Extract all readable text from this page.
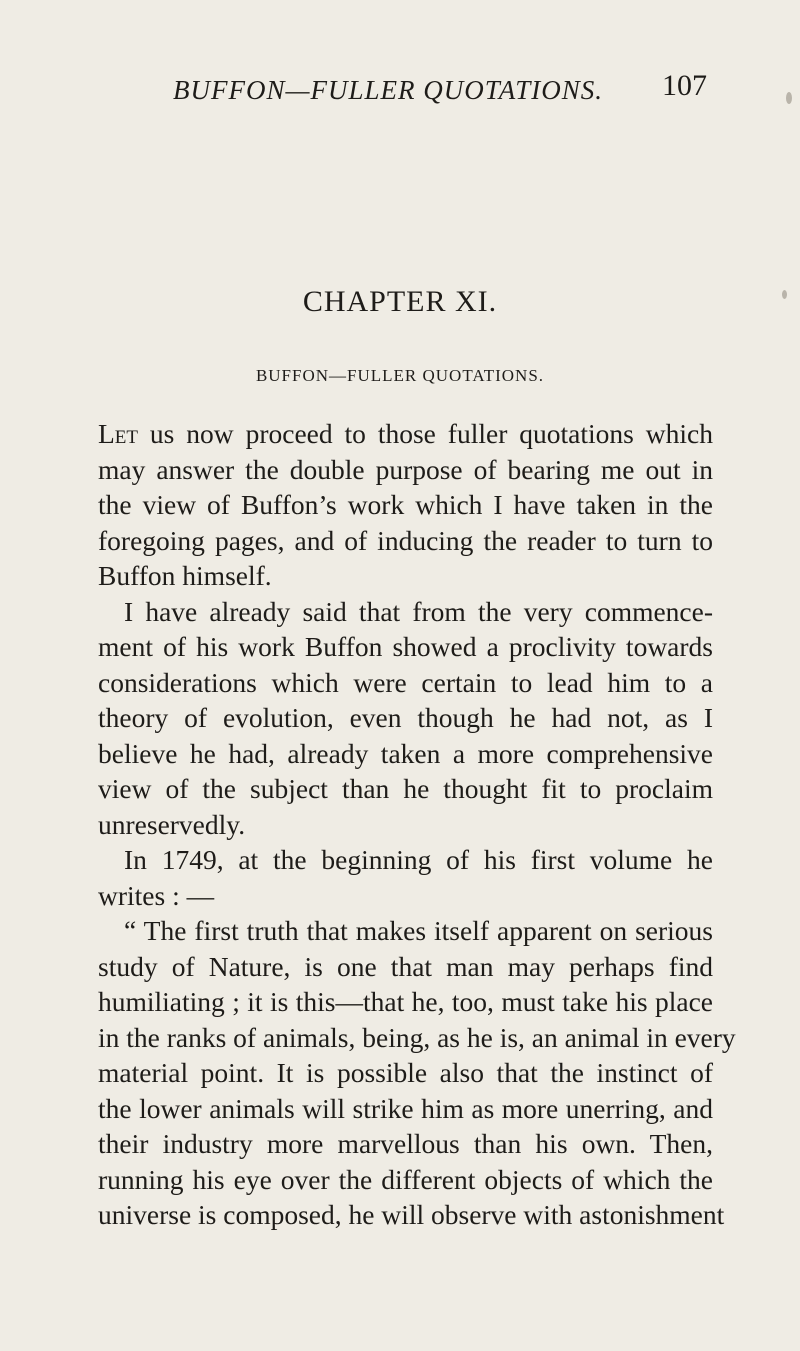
BUFFON—FULLER QUOTATIONS. 107
CHAPTER XI.
BUFFON—FULLER QUOTATIONS.
Let us now proceed to those fuller quotations which
may answer the double purpose of bearing me out in
the view of Buffon’s work which I have taken in the
foregoing pages, and of inducing the reader to turn to
Buffon himself.
I have already said that from the very commence-
ment of his work Buffon showed a proclivity towards
considerations which were certain to lead him to a
theory of evolution, even though he had not, as I
believe he had, already taken a more comprehensive
view of the subject than he thought fit to proclaim
unreservedly.
In 1749, at the beginning of his first volume he
writes : —
“ The first truth that makes itself apparent on serious
study of Nature, is one that man may perhaps find
humiliating ; it is this—that he, too, must take his place
in the ranks of animals, being, as he is, an animal in every
material point. It is possible also that the instinct of
the lower animals will strike him as more unerring, and
their industry more marvellous than his own. Then,
running his eye over the different objects of which the
universe is composed, he will observe with astonishment
